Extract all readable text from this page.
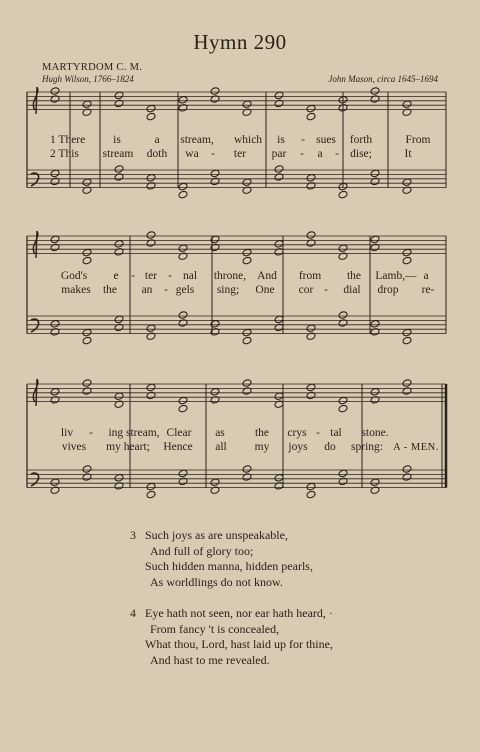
Hymn 290
MARTYRDOM C. M.
Hugh Wilson, 1766–1824	John Mason, circa 1645–1694
1 There is	a stream, which is - sues forth	From
2 This stream doth wa - ter par - a - dise;	It
God's e - ter - nal throne, And from the Lamb,— a
makes the an - gels sing; One cor - dial drop re-
liv - ing stream, Clear as	the crys - tal stone.
vives my heart; Hence all my joys do spring: A - MEN.
3 Such joys as are unspeakable,
And full of glory too;
Such hidden manna, hidden pearls,
As worldlings do not know.
4 Eye hath not seen, nor ear hath heard, ·
From fancy 't is concealed,
What thou, Lord, hast laid up for thine,
And hast to me revealed.
